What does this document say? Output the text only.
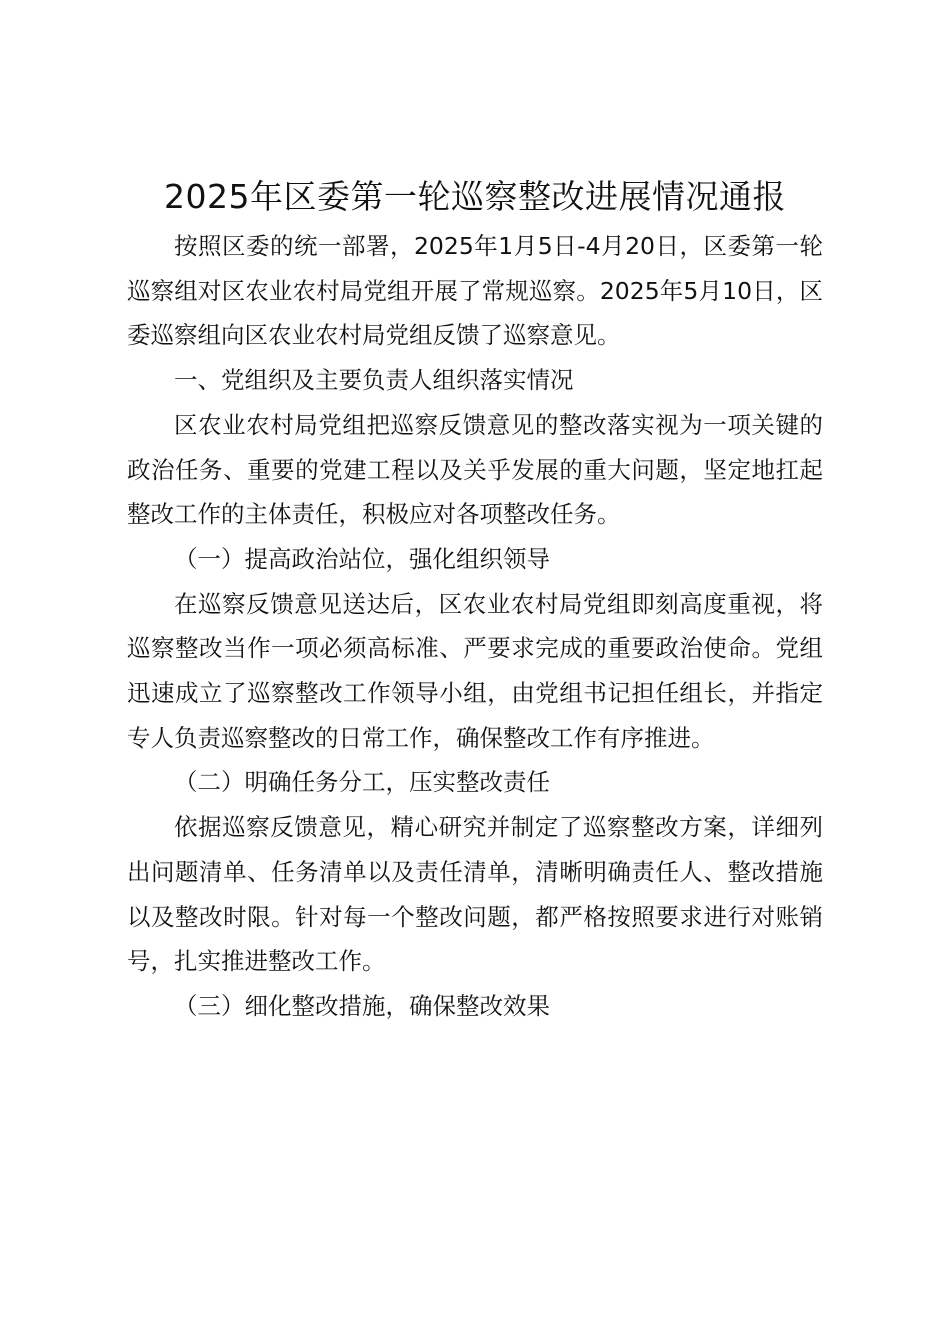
2025年区委第一轮巡察整改进展情况通报

按照区委的统一部署，2025年1月5日-4月20日，区委第一轮巡察组对区农业农村局党组开展了常规巡察。2025年5月10日，区委巡察组向区农业农村局党组反馈了巡察意见。

一、党组织及主要负责人组织落实情况

区农业农村局党组把巡察反馈意见的整改落实视为一项关键的政治任务、重要的党建工程以及关乎发展的重大问题，坚定地扛起整改工作的主体责任，积极应对各项整改任务。

（一）提高政治站位，强化组织领导

在巡察反馈意见送达后，区农业农村局党组即刻高度重视，将巡察整改当作一项必须高标准、严要求完成的重要政治使命。党组迅速成立了巡察整改工作领导小组，由党组书记担任组长，并指定专人负责巡察整改的日常工作，确保整改工作有序推进。

（二）明确任务分工，压实整改责任

依据巡察反馈意见，精心研究并制定了巡察整改方案，详细列出问题清单、任务清单以及责任清单，清晰明确责任人、整改措施以及整改时限。针对每一个整改问题，都严格按照要求进行对账销号，扎实推进整改工作。

（三）细化整改措施，确保整改效果
